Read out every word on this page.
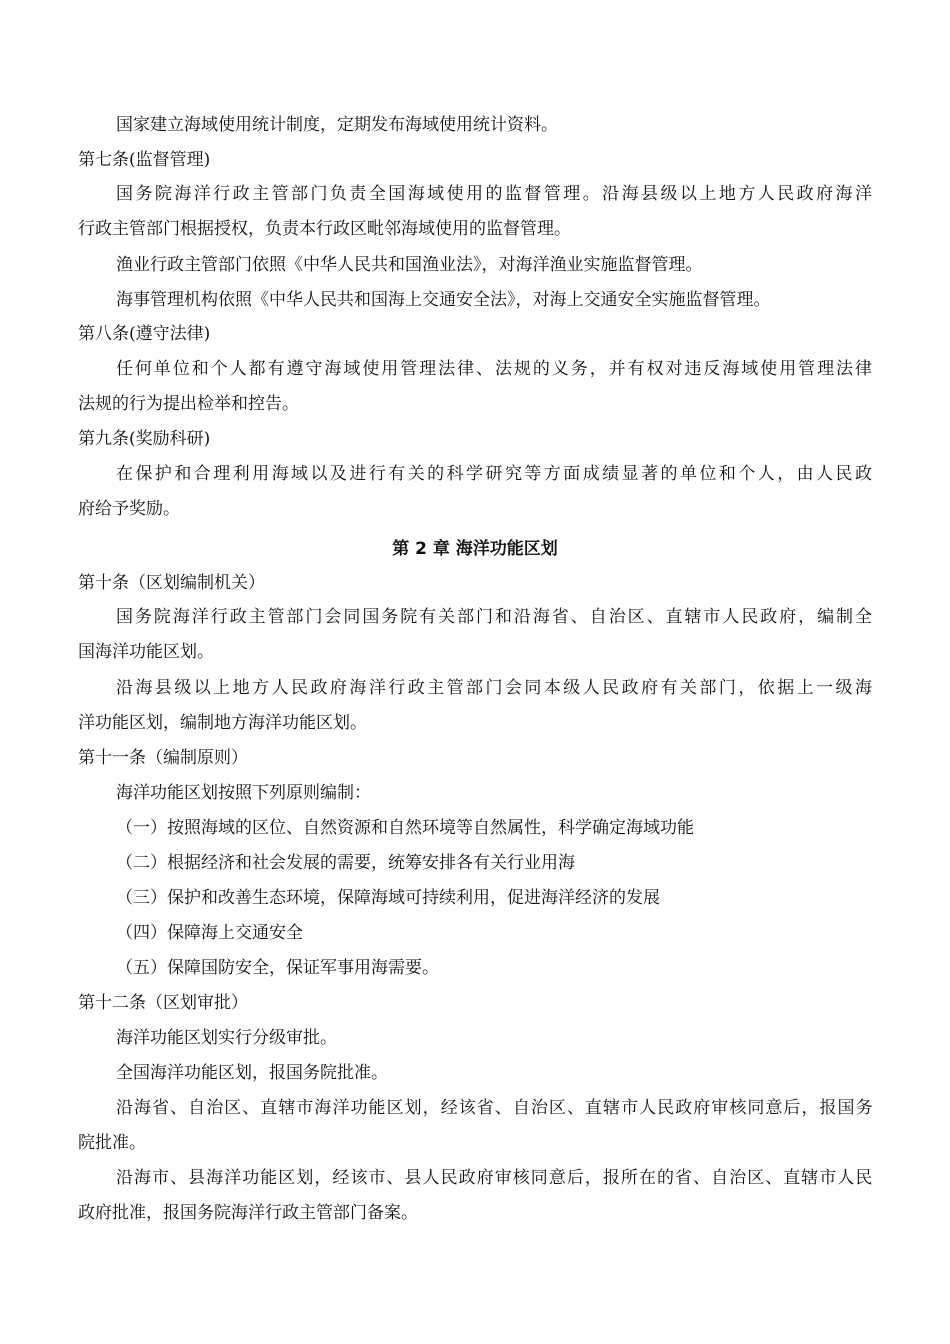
国家建立海域使用统计制度，定期发布海域使用统计资料。
第七条(监督管理)
国务院海洋行政主管部门负责全国海域使用的监督管理。沿海县级以上地方人民政府海洋
行政主管部门根据授权，负责本行政区毗邻海域使用的监督管理。
渔业行政主管部门依照《中华人民共和国渔业法》，对海洋渔业实施监督管理。
海事管理机构依照《中华人民共和国海上交通安全法》，对海上交通安全实施监督管理。
第八条(遵守法律)
任何单位和个人都有遵守海域使用管理法律、法规的义务，并有权对违反海域使用管理法律
法规的行为提出检举和控告。
第九条(奖励科研)
在保护和合理利用海域以及进行有关的科学研究等方面成绩显著的单位和个人，由人民政
府给予奖励。
第 2 章 海洋功能区划
第十条（区划编制机关）
国务院海洋行政主管部门会同国务院有关部门和沿海省、自治区、直辖市人民政府，编制全
国海洋功能区划。
沿海县级以上地方人民政府海洋行政主管部门会同本级人民政府有关部门，依据上一级海
洋功能区划，编制地方海洋功能区划。
第十一条（编制原则）
海洋功能区划按照下列原则编制：
（一）按照海域的区位、自然资源和自然环境等自然属性，科学确定海域功能
（二）根据经济和社会发展的需要，统筹安排各有关行业用海
（三）保护和改善生态环境，保障海域可持续利用，促进海洋经济的发展
（四）保障海上交通安全
（五）保障国防安全，保证军事用海需要。
第十二条（区划审批）
海洋功能区划实行分级审批。
全国海洋功能区划，报国务院批准。
沿海省、自治区、直辖市海洋功能区划，经该省、自治区、直辖市人民政府审核同意后，报国务
院批准。
沿海市、县海洋功能区划，经该市、县人民政府审核同意后，报所在的省、自治区、直辖市人民
政府批准，报国务院海洋行政主管部门备案。
